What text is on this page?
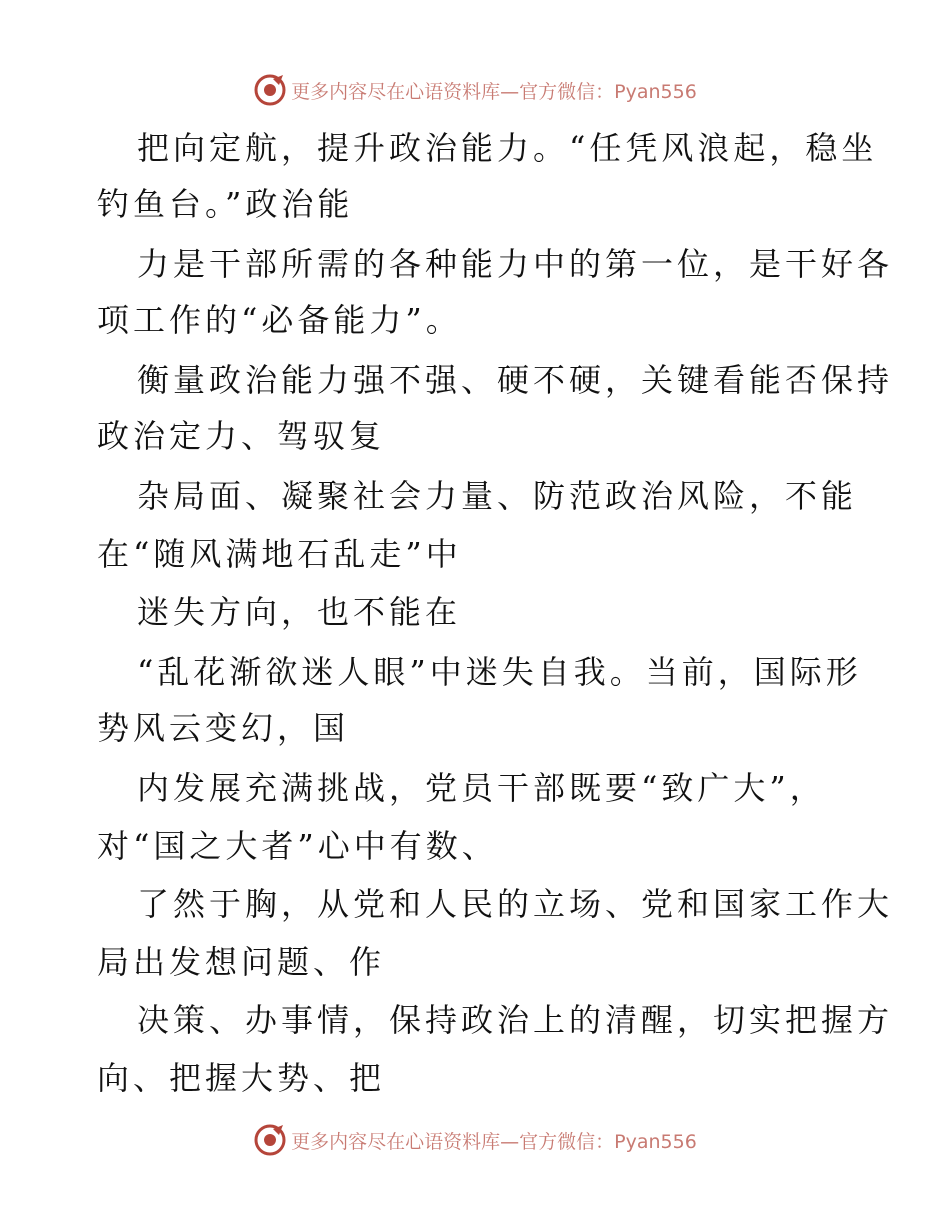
更多内容尽在心语资料库—官方微信：Pyan556
把向定航，提升政治能力。“任凭风浪起，稳坐
钓鱼台。”政治能
力是干部所需的各种能力中的第一位，是干好各
项工作的“必备能力”。
衡量政治能力强不强、硬不硬，关键看能否保持
政治定力、驾驭复
杂局面、凝聚社会力量、防范政治风险，不能
在“随风满地石乱走”中
迷失方向，也不能在
“乱花渐欲迷人眼”中迷失自我。当前，国际形
势风云变幻，国
内发展充满挑战，党员干部既要“致广大”，
对“国之大者”心中有数、
了然于胸，从党和人民的立场、党和国家工作大
局出发想问题、作
决策、办事情，保持政治上的清醒，切实把握方
向、把握大势、把
更多内容尽在心语资料库—官方微信：Pyan556
